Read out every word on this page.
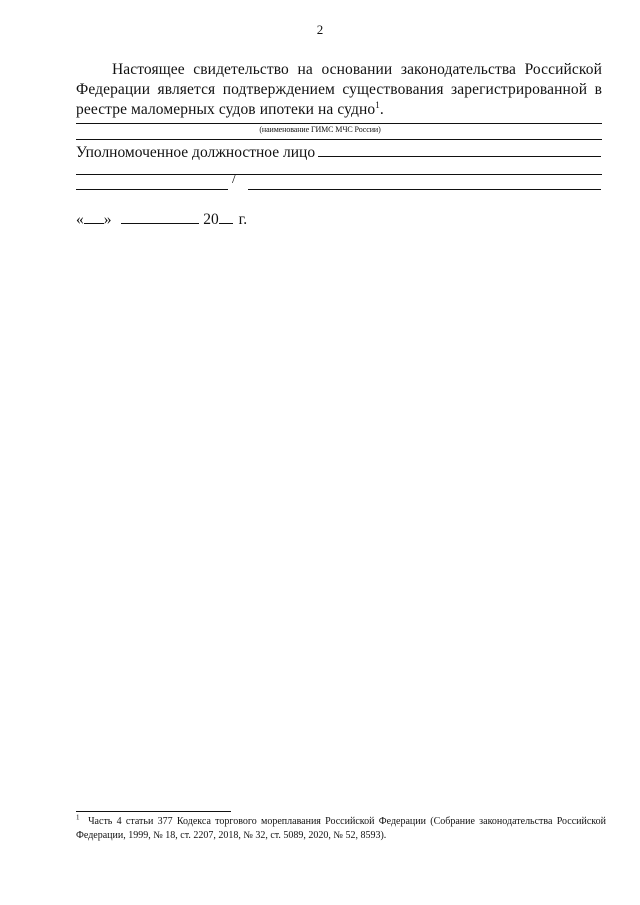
2
Настоящее свидетельство на основании законодательства Российской Федерации является подтверждением существования зарегистрированной в реестре маломерных судов ипотеки на судно$^1$.
(наименование ГИМС МЧС России)
Уполномоченное должностное лицо
/
« »	20 г.
$^1$ Часть 4 статьи 377 Кодекса торгового мореплавания Российской Федерации (Собрание законодательства Российской Федерации, 1999, № 18, ст. 2207, 2018, № 32, ст. 5089, 2020, № 52, 8593).
